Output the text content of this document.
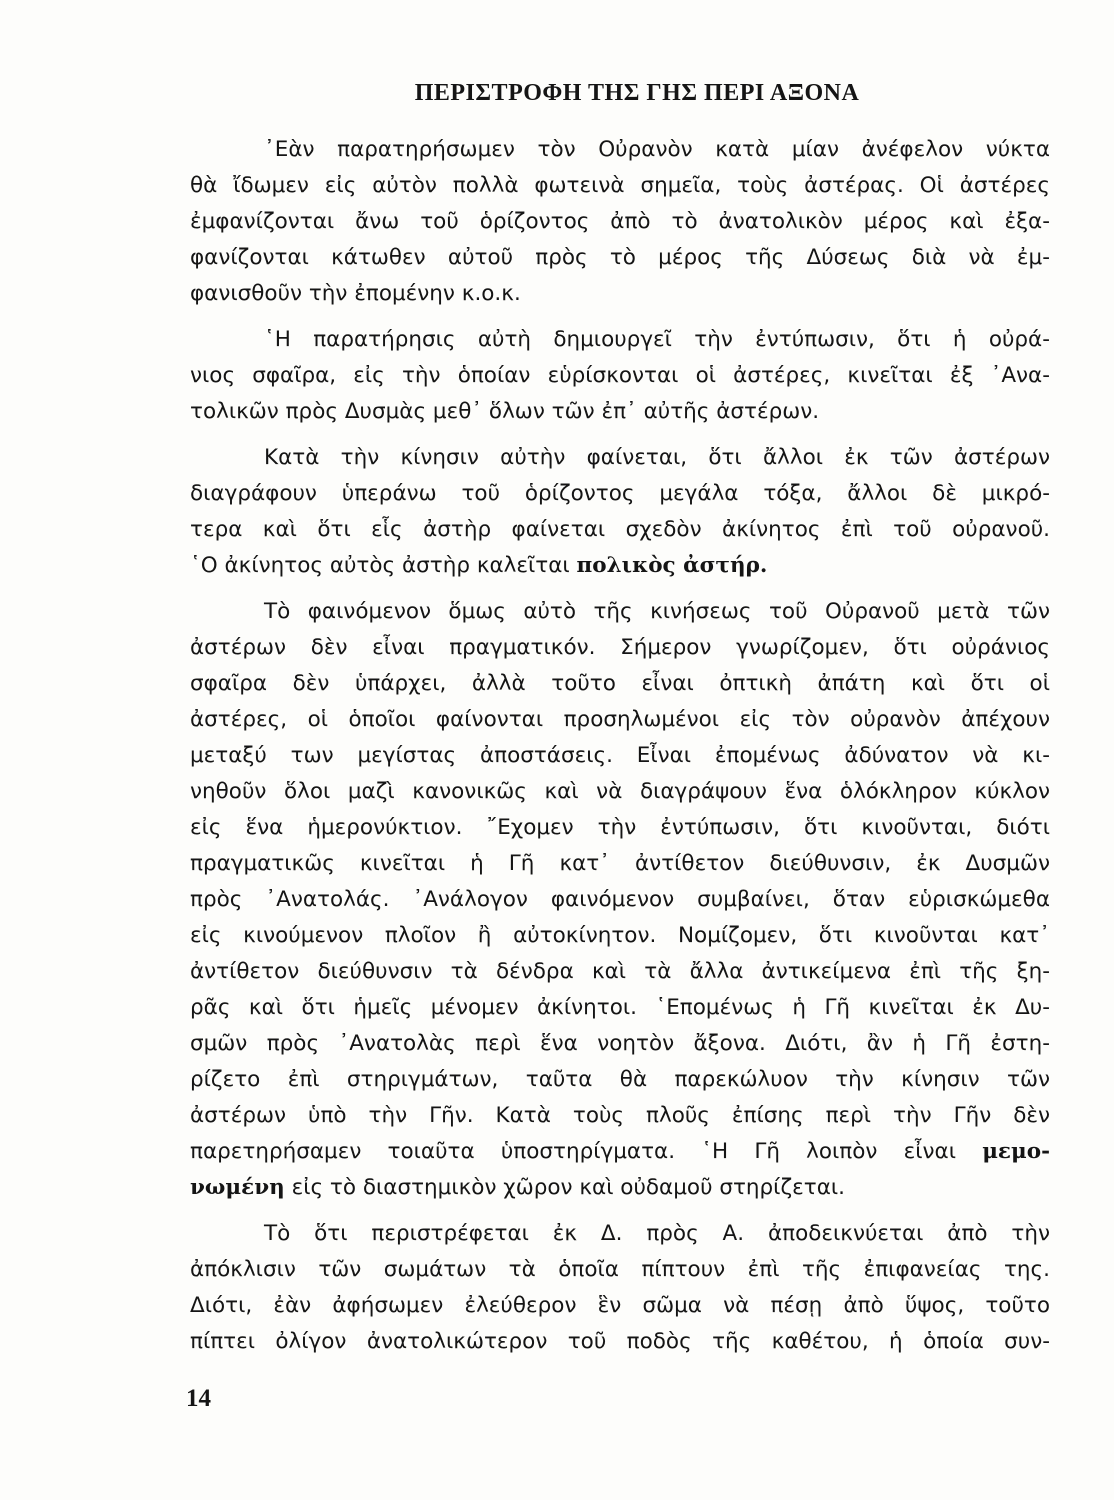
ΠΕΡΙΣΤΡΟΦΗ ΤΗΣ ΓΗΣ ΠΕΡΙ ΑΞΟΝΑ
᾿Εὰν παρατηρήσωμεν τὸν Οὐρανὸν κατὰ μίαν ἀνέφελον νύκτα
θὰ ἴδωμεν εἰς αὐτὸν πολλὰ φωτεινὰ σημεῖα, τοὺς ἀστέρας. Οἱ ἀστέρες
ἐμφανίζονται ἄνω τοῦ ὁρίζοντος ἀπὸ τὸ ἀνατολικὸν μέρος καὶ ἐξα-
φανίζονται κάτωθεν αὐτοῦ πρὸς τὸ μέρος τῆς Δύσεως διὰ νὰ ἐμ-
φανισθοῦν τὴν ἐπομένην κ.ο.κ.
῾Η παρατήρησις αὐτὴ δημιουργεῖ τὴν ἐντύπωσιν, ὅτι ἡ οὐρά-
νιος σφαῖρα, εἰς τὴν ὁποίαν εὑρίσκονται οἱ ἀστέρες, κινεῖται ἐξ ᾿Ανα-
τολικῶν πρὸς Δυσμὰς μεθ᾿ ὅλων τῶν ἐπ᾿ αὐτῆς ἀστέρων.
Κατὰ τὴν κίνησιν αὐτὴν φαίνεται, ὅτι ἄλλοι ἐκ τῶν ἀστέρων
διαγράφουν ὑπεράνω τοῦ ὁρίζοντος μεγάλα τόξα, ἄλλοι δὲ μικρό-
τερα καὶ ὅτι εἷς ἀστὴρ φαίνεται σχεδὸν ἀκίνητος ἐπὶ τοῦ οὐρανοῦ.
῾Ο ἀκίνητος αὐτὸς ἀστὴρ καλεῖται πολικὸς ἀστήρ.
Τὸ φαινόμενον ὅμως αὐτὸ τῆς κινήσεως τοῦ Οὐρανοῦ μετὰ τῶν
ἀστέρων δὲν εἶναι πραγματικόν. Σήμερον γνωρίζομεν, ὅτι οὐράνιος
σφαῖρα δὲν ὑπάρχει, ἀλλὰ τοῦτο εἶναι ὀπτικὴ ἀπάτη καὶ ὅτι οἱ
ἀστέρες, οἱ ὁποῖοι φαίνονται προσηλωμένοι εἰς τὸν οὐρανὸν ἀπέχουν
μεταξύ των μεγίστας ἀποστάσεις. Εἶναι ἐπομένως ἀδύνατον νὰ κι-
νηθοῦν ὅλοι μαζὶ κανονικῶς καὶ νὰ διαγράψουν ἕνα ὁλόκληρον κύκλον
εἰς ἕνα ἡμερονύκτιον. ῎Εχομεν τὴν ἐντύπωσιν, ὅτι κινοῦνται, διότι
πραγματικῶς κινεῖται ἡ Γῆ κατ᾿ ἀντίθετον διεύθυνσιν, ἐκ Δυσμῶν
πρὸς ᾿Ανατολάς. ᾿Ανάλογον φαινόμενον συμβαίνει, ὅταν εὑρισκώμεθα
εἰς κινούμενον πλοῖον ἢ αὐτοκίνητον. Νομίζομεν, ὅτι κινοῦνται κατ᾿
ἀντίθετον διεύθυνσιν τὰ δένδρα καὶ τὰ ἄλλα ἀντικείμενα ἐπὶ τῆς ξη-
ρᾶς καὶ ὅτι ἡμεῖς μένομεν ἀκίνητοι. ῾Επομένως ἡ Γῆ κινεῖται ἐκ Δυ-
σμῶν πρὸς ᾿Ανατολὰς περὶ ἕνα νοητὸν ἄξονα. Διότι, ἂν ἡ Γῆ ἐστη-
ρίζετο ἐπὶ στηριγμάτων, ταῦτα θὰ παρεκώλυον τὴν κίνησιν τῶν
ἀστέρων ὑπὸ τὴν Γῆν. Κατὰ τοὺς πλοῦς ἐπίσης περὶ τὴν Γῆν δὲν
παρετηρήσαμεν τοιαῦτα ὑποστηρίγματα. ῾Η Γῆ λοιπὸν εἶναι μεμο-
νωμένη εἰς τὸ διαστημικὸν χῶρον καὶ οὐδαμοῦ στηρίζεται.
Τὸ ὅτι περιστρέφεται ἐκ Δ. πρὸς Α. ἀποδεικνύεται ἀπὸ τὴν
ἀπόκλισιν τῶν σωμάτων τὰ ὁποῖα πίπτουν ἐπὶ τῆς ἐπιφανείας της.
Διότι, ἐὰν ἀφήσωμεν ἐλεύθερον ἓν σῶμα νὰ πέσῃ ἀπὸ ὕψος, τοῦτο
πίπτει ὀλίγον ἀνατολικώτερον τοῦ ποδὸς τῆς καθέτου, ἡ ὁποία συν-
14
